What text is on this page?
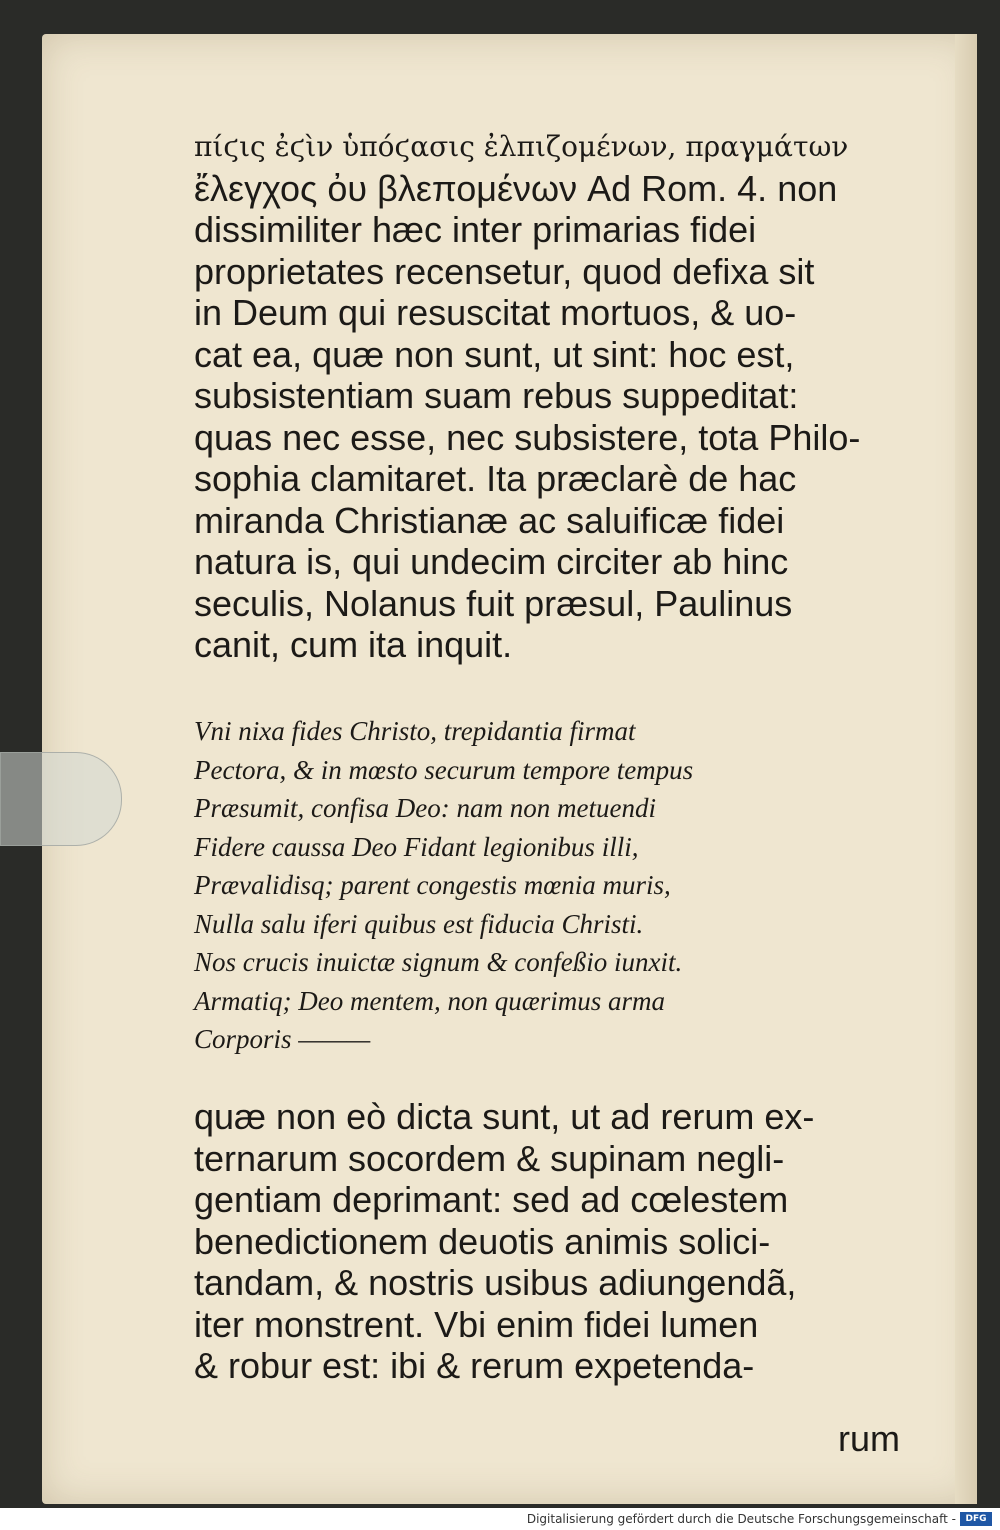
πίϛις ἐϛὶν ὑπόϛασις ἐλπιζομένων, πραγμάτων
ἔλεγχος ὀυ βλεπομένων Ad Rom. 4. non
dissimiliter hæc inter primarias fidei
proprietates recensetur, quod defixa sit
in Deum qui resuscitat mortuos, & uo-
cat ea, quæ non sunt, ut sint: hoc est,
subsistentiam suam rebus suppeditat:
quas nec esse, nec subsistere, tota Philo-
sophia clamitaret. Ita præclarè de hac
miranda Christianæ ac saluificæ fidei
natura is, qui undecim circiter ab hinc
seculis, Nolanus fuit præsul, Paulinus
canit, cum ita inquit.
Vni nixa fides Christo, trepidantia firmat
Pectora, & in mœsto securum tempore tempus
Præsumit, confisa Deo: nam non metuendi
Fidere caussa Deo Fidant legionibus illi,
Prævalidisq; parent congestis mœnia muris,
Nulla salu iferi quibus est fiducia Christi.
Nos crucis inuictæ signum & confeßio iunxit.
Armatiq; Deo mentem, non quærimus arma
Corporis ———
quæ non eò dicta sunt, ut ad rerum ex-
ternarum socordem & supinam negli-
gentiam deprimant: sed ad cœlestem
benedictionem deuotis animis solici-
tandam, & nostris usibus adiungendã,
iter monstrent. Vbi enim fidei lumen
& robur est: ibi & rerum expetenda-
rum
Digitalisierung gefördert durch die Deutsche Forschungsgemeinschaft -	DFG
